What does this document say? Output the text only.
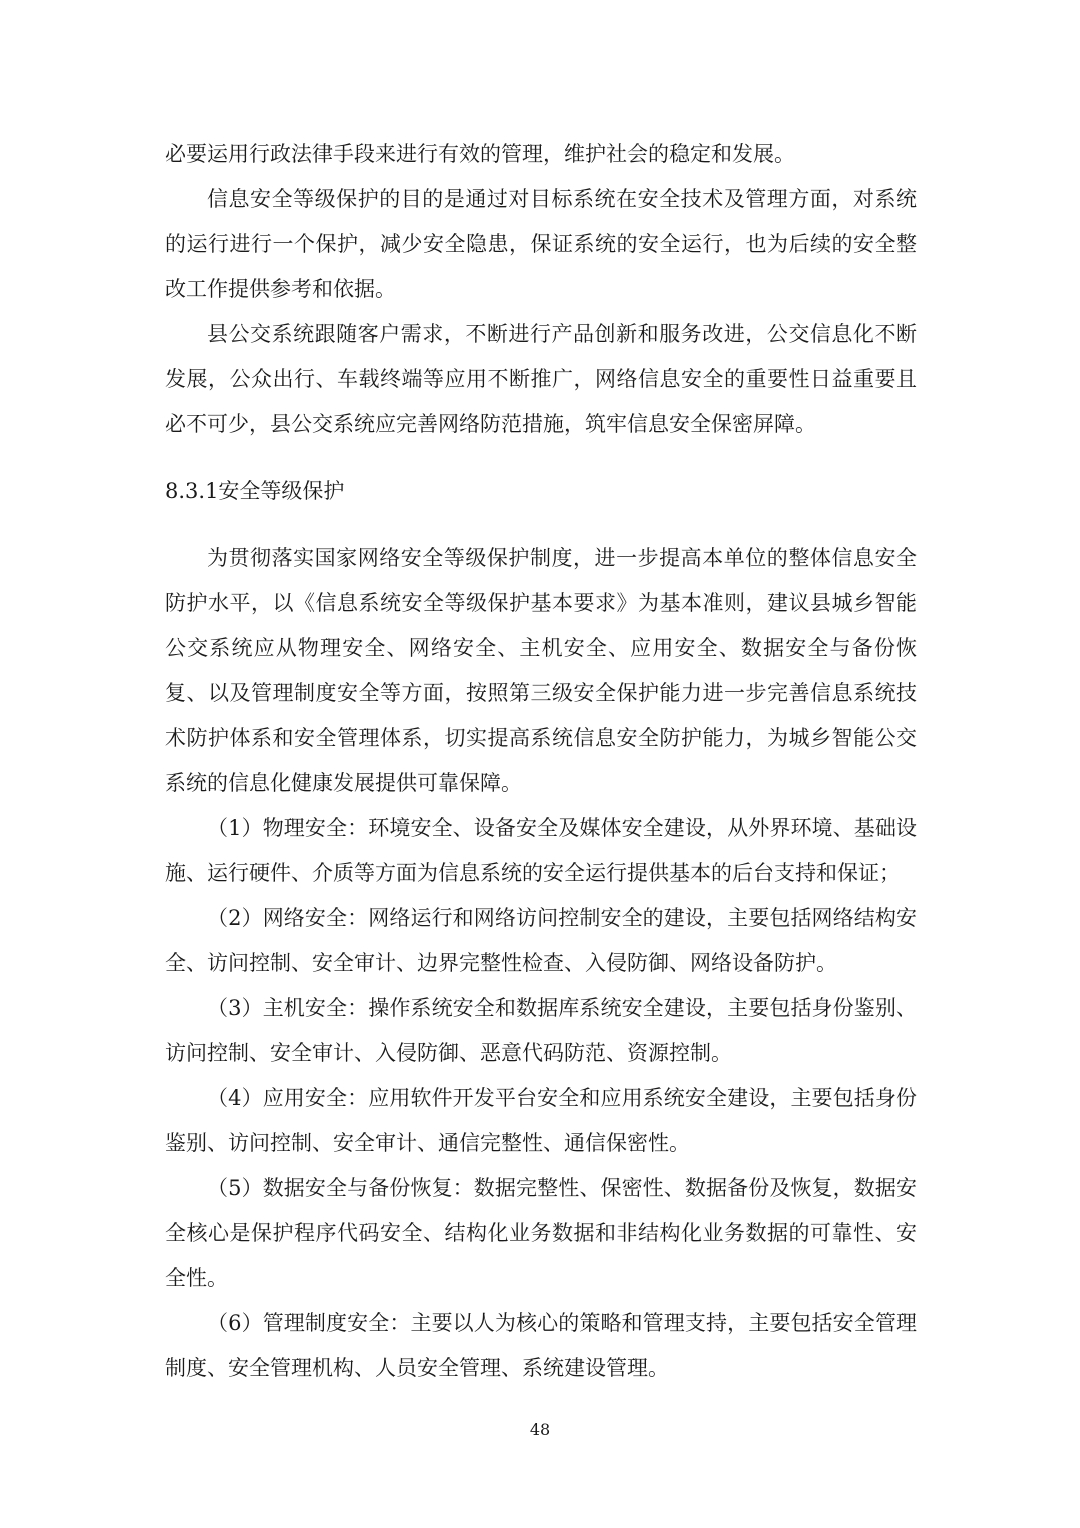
必要运用行政法律手段来进行有效的管理，维护社会的稳定和发展。

信息安全等级保护的目的是通过对目标系统在安全技术及管理方面，对系统的运行进行一个保护，减少安全隐患，保证系统的安全运行，也为后续的安全整改工作提供参考和依据。

县公交系统跟随客户需求，不断进行产品创新和服务改进，公交信息化不断发展，公众出行、车载终端等应用不断推广，网络信息安全的重要性日益重要且必不可少，县公交系统应完善网络防范措施，筑牢信息安全保密屏障。

8.3.1安全等级保护

为贯彻落实国家网络安全等级保护制度，进一步提高本单位的整体信息安全防护水平，以《信息系统安全等级保护基本要求》为基本准则，建议县城乡智能公交系统应从物理安全、网络安全、主机安全、应用安全、数据安全与备份恢复、以及管理制度安全等方面，按照第三级安全保护能力进一步完善信息系统技术防护体系和安全管理体系，切实提高系统信息安全防护能力，为城乡智能公交系统的信息化健康发展提供可靠保障。

（1）物理安全：环境安全、设备安全及媒体安全建设，从外界环境、基础设施、运行硬件、介质等方面为信息系统的安全运行提供基本的后台支持和保证；

（2）网络安全：网络运行和网络访问控制安全的建设，主要包括网络结构安全、访问控制、安全审计、边界完整性检查、入侵防御、网络设备防护。

（3）主机安全：操作系统安全和数据库系统安全建设，主要包括身份鉴别、访问控制、安全审计、入侵防御、恶意代码防范、资源控制。

（4）应用安全：应用软件开发平台安全和应用系统安全建设，主要包括身份鉴别、访问控制、安全审计、通信完整性、通信保密性。

（5）数据安全与备份恢复：数据完整性、保密性、数据备份及恢复，数据安全核心是保护程序代码安全、结构化业务数据和非结构化业务数据的可靠性、安全性。

（6）管理制度安全：主要以人为核心的策略和管理支持，主要包括安全管理制度、安全管理机构、人员安全管理、系统建设管理。

48
